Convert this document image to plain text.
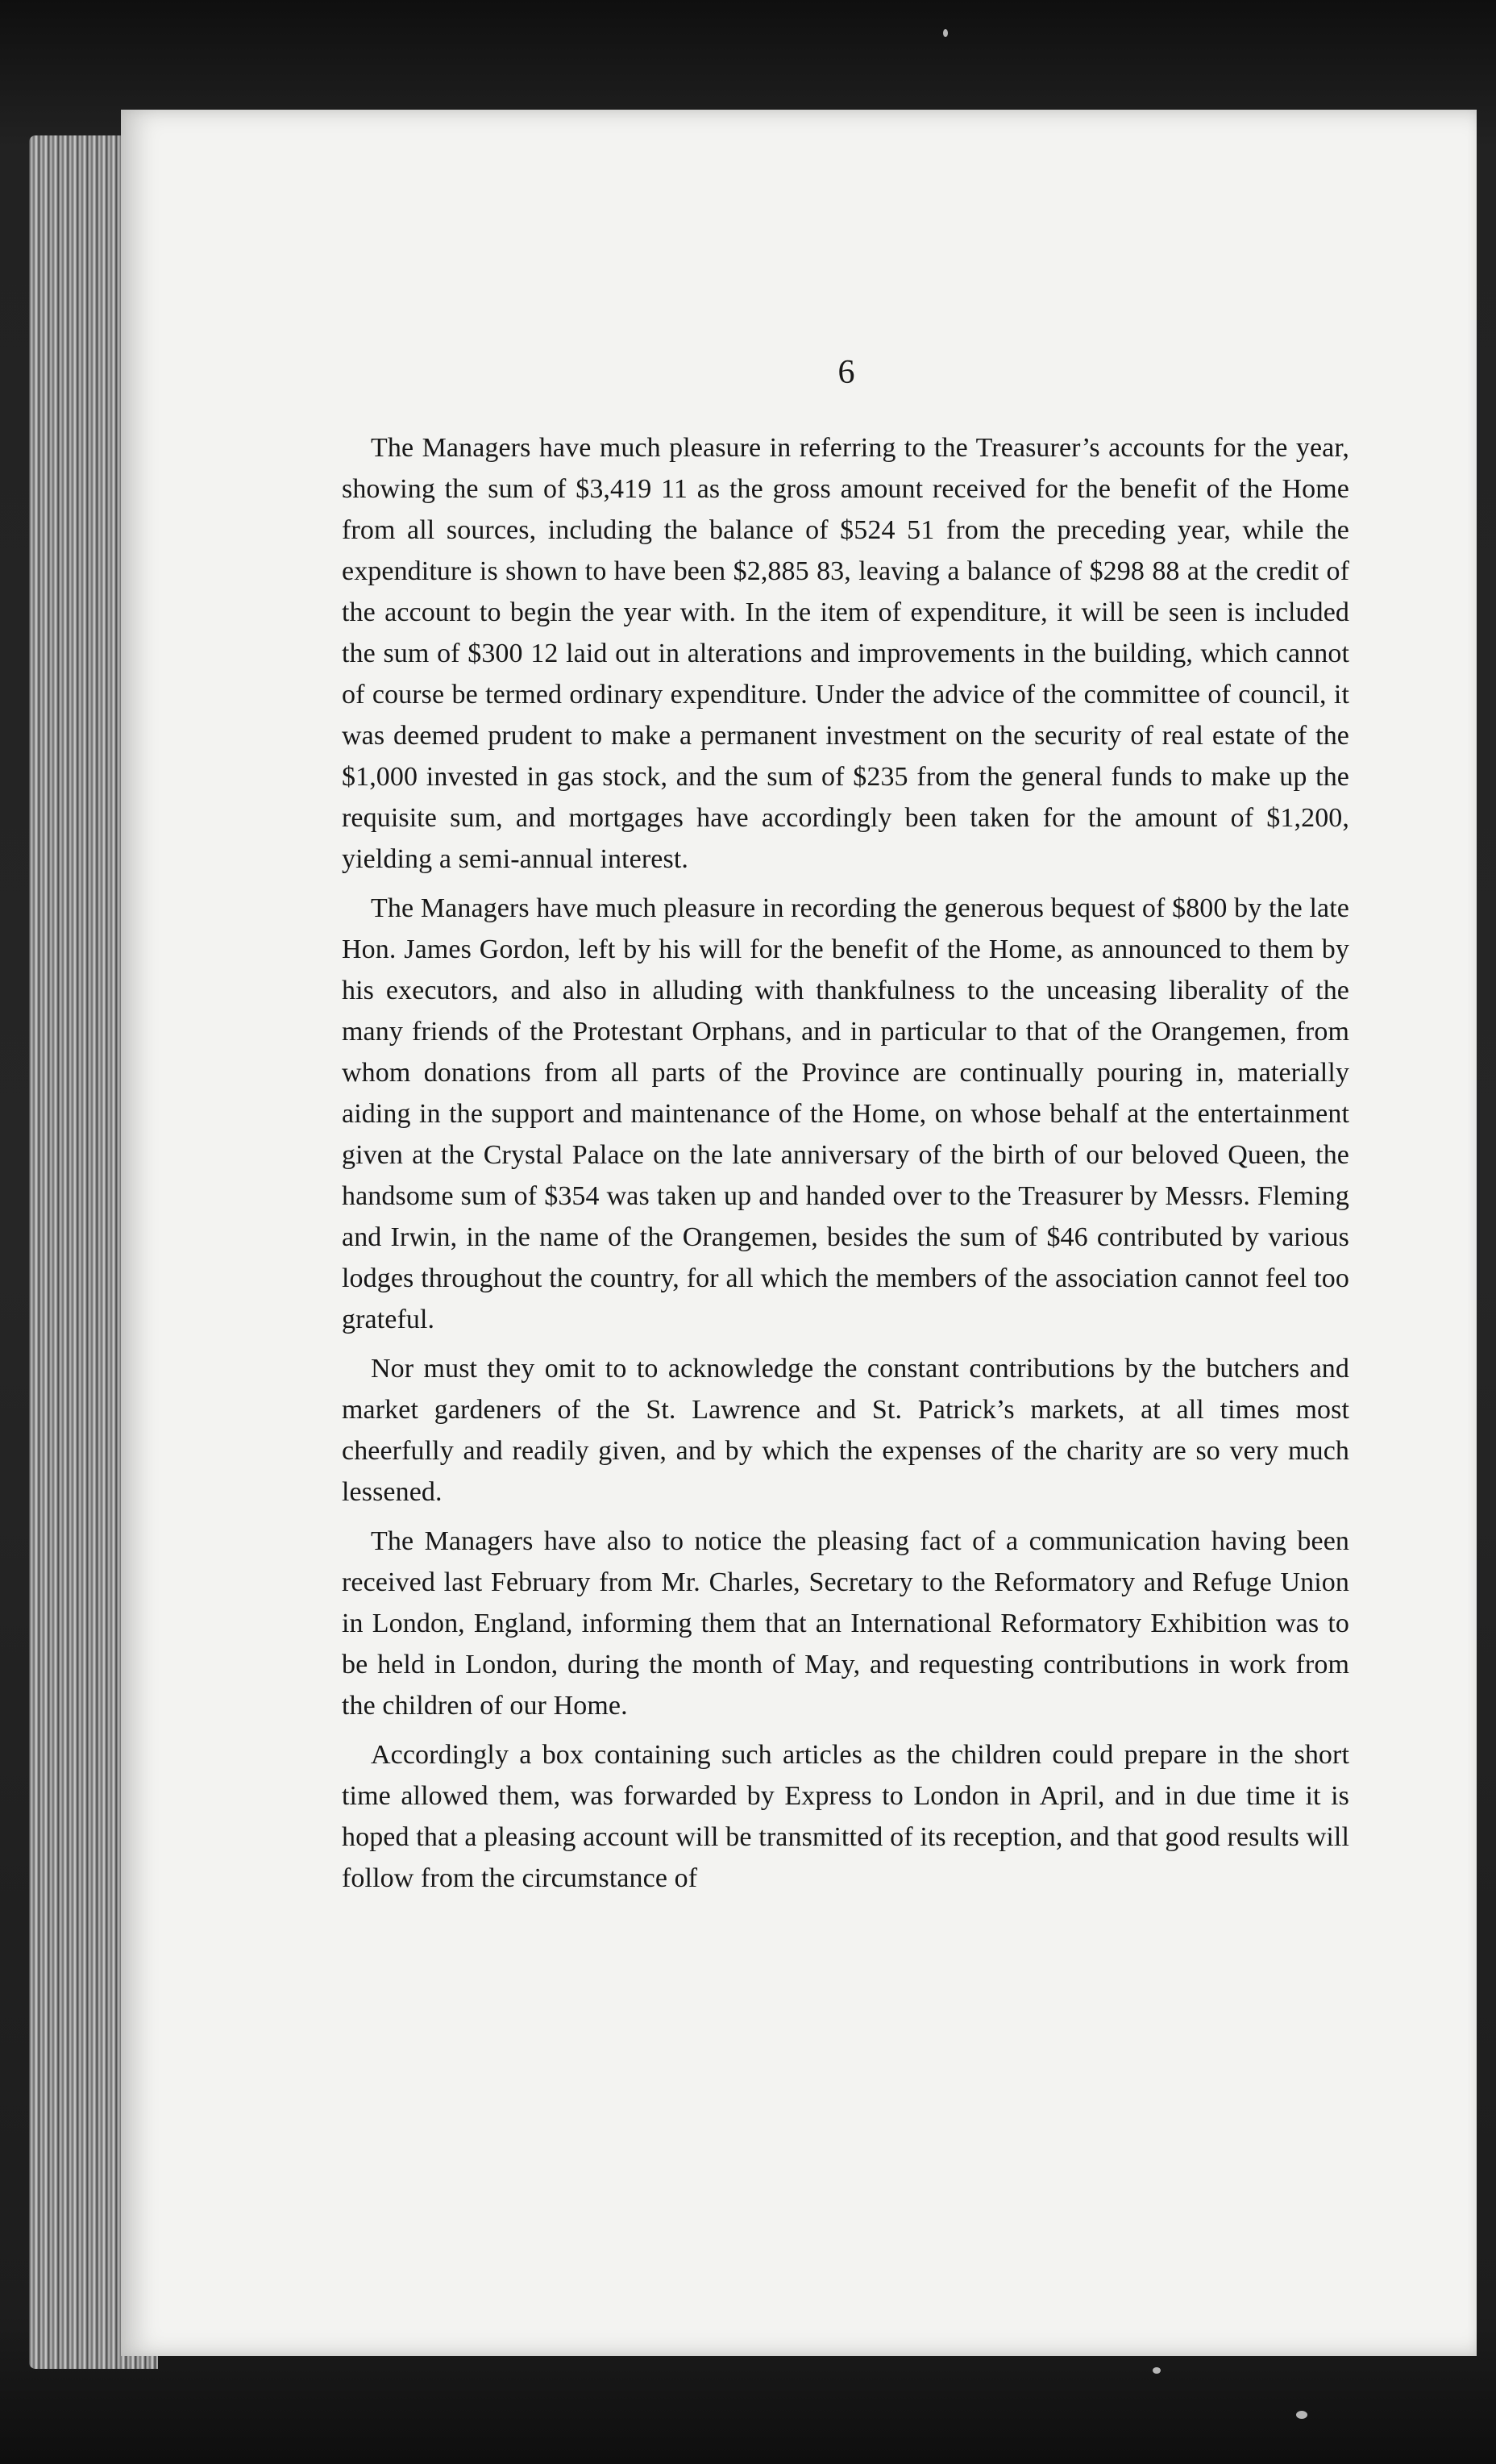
6

The Managers have much pleasure in referring to the Treasurer’s accounts for the year, showing the sum of $3,419 11 as the gross amount received for the benefit of the Home from all sources, including the balance of $524 51 from the preceding year, while the expenditure is shown to have been $2,885 83, leaving a balance of $298 88 at the credit of the account to begin the year with. In the item of expenditure, it will be seen is included the sum of $300 12 laid out in alterations and improvements in the building, which cannot of course be termed ordinary expenditure. Under the advice of the committee of council, it was deemed prudent to make a permanent investment on the security of real estate of the $1,000 invested in gas stock, and the sum of $235 from the general funds to make up the requisite sum, and mortgages have accordingly been taken for the amount of $1,200, yielding a semi-annual interest.

The Managers have much pleasure in recording the generous bequest of $800 by the late Hon. James Gordon, left by his will for the benefit of the Home, as announced to them by his executors, and also in alluding with thankfulness to the unceasing liberality of the many friends of the Protestant Orphans, and in particular to that of the Orangemen, from whom donations from all parts of the Province are continually pouring in, materially aiding in the support and maintenance of the Home, on whose behalf at the entertainment given at the Crystal Palace on the late anniversary of the birth of our beloved Queen, the handsome sum of $354 was taken up and handed over to the Treasurer by Messrs. Fleming and Irwin, in the name of the Orangemen, besides the sum of $46 contributed by various lodges throughout the country, for all which the members of the association cannot feel too grateful.

Nor must they omit to to acknowledge the constant contributions by the butchers and market gardeners of the St. Lawrence and St. Patrick’s markets, at all times most cheerfully and readily given, and by which the expenses of the charity are so very much lessened.

The Managers have also to notice the pleasing fact of a communication having been received last February from Mr. Charles, Secretary to the Reformatory and Refuge Union in London, England, informing them that an International Reformatory Exhibition was to be held in London, during the month of May, and requesting contributions in work from the children of our Home.

Accordingly a box containing such articles as the children could prepare in the short time allowed them, was forwarded by Express to London in April, and in due time it is hoped that a pleasing account will be transmitted of its reception, and that good results will follow from the circumstance of
